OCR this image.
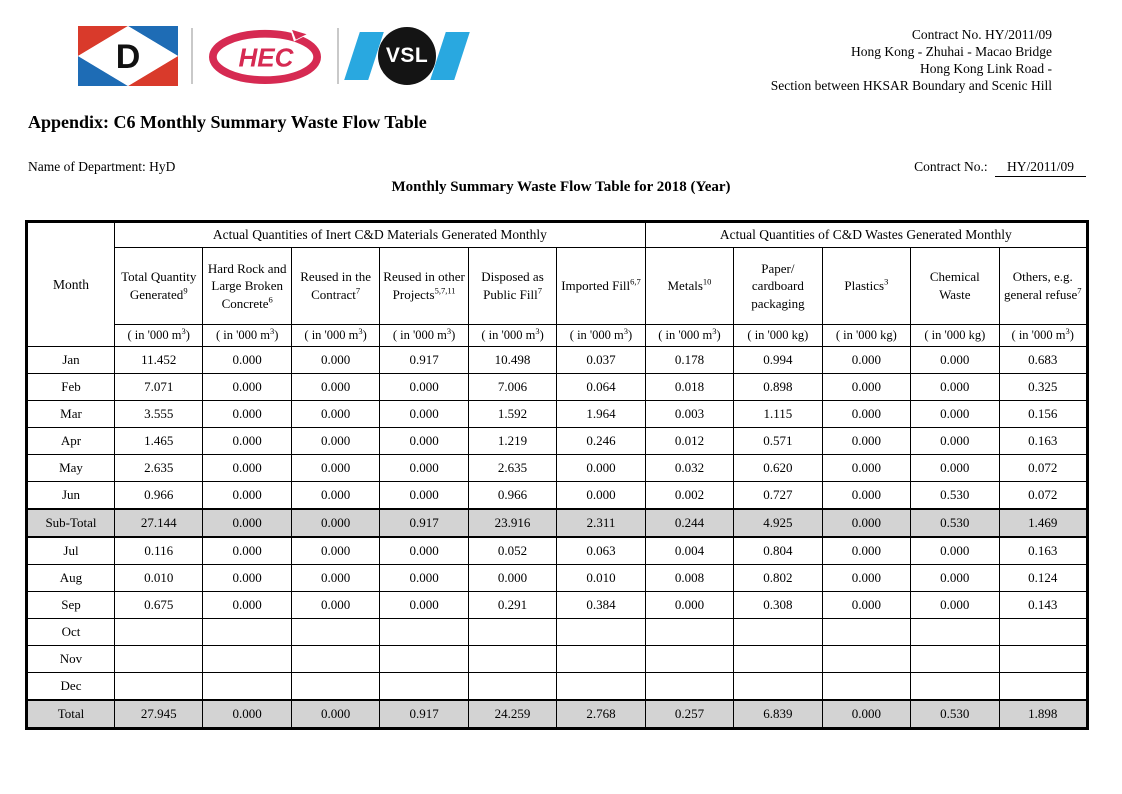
D	HEC	VSL
Contract No. HY/2011/09
Hong Kong - Zhuhai - Macao Bridge
Hong Kong Link Road -
Section between HKSAR Boundary and Scenic Hill
Appendix: C6 Monthly Summary Waste Flow Table
Name of Department: HyD	Contract No.: HY/2011/09
Monthly Summary Waste Flow Table for 2018 (Year)
Month	Actual Quantities of Inert C&D Materials Generated Monthly						Actual Quantities of C&D Wastes Generated Monthly				
	Total Quantity Generated$^9$	Hard Rock and Large Broken Concrete$^6$	Reused in the Contract$^7$	Reused in other Projects$^{5,7,11}$	Disposed as Public Fill$^7$	Imported Fill$^{6,7}$	Metals$^{10}$	Paper/ cardboard packaging	Plastics$^3$	Chemical Waste	Others, e.g. general refuse$^7$
	( in '000 $m^3$)	( in '000 $m^3$)	( in '000 $m^3$)	( in '000 $m^3$)	( in '000 $m^3$)	( in '000 $m^3$)	( in '000 $m^3$)	( in '000 kg)	( in '000 kg)	( in '000 kg)	( in '000 $m^3$)
Jan	11.452	0.000	0.000	0.917	10.498	0.037	0.178	0.994	0.000	0.000	0.683
Feb	7.071	0.000	0.000	0.000	7.006	0.064	0.018	0.898	0.000	0.000	0.325
Mar	3.555	0.000	0.000	0.000	1.592	1.964	0.003	1.115	0.000	0.000	0.156
Apr	1.465	0.000	0.000	0.000	1.219	0.246	0.012	0.571	0.000	0.000	0.163
May	2.635	0.000	0.000	0.000	2.635	0.000	0.032	0.620	0.000	0.000	0.072
Jun	0.966	0.000	0.000	0.000	0.966	0.000	0.002	0.727	0.000	0.530	0.072
Sub-Total	27.144	0.000	0.000	0.917	23.916	2.311	0.244	4.925	0.000	0.530	1.469
Jul	0.116	0.000	0.000	0.000	0.052	0.063	0.004	0.804	0.000	0.000	0.163
Aug	0.010	0.000	0.000	0.000	0.000	0.010	0.008	0.802	0.000	0.000	0.124
Sep	0.675	0.000	0.000	0.000	0.291	0.384	0.000	0.308	0.000	0.000	0.143
Oct											
Nov											
Dec											
Total	27.945	0.000	0.000	0.917	24.259	2.768	0.257	6.839	0.000	0.530	1.898
